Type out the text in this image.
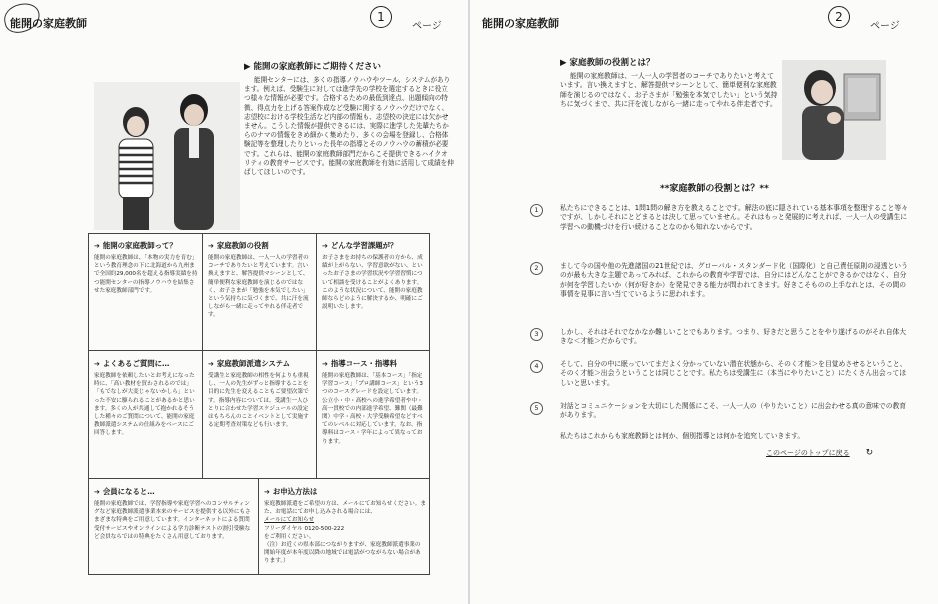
能開の家庭教師	1
ページ
▶ 能開の家庭教師にご期待ください
能開センターには、多くの指導ノウハウやツール、システムがあります。例えば、受験生に対しては進学先の学校を選定するときに役立つ様々な情報が必要です。合格するための最低到達点、出題傾向の特徴、得点力を上げる答案作成など受験に関するノウハウだけでなく、志望校における学校生活など内部の情報も、志望校の決定には欠かせません。こうした情報が提供できるには、実際に進学した先輩たちからのナマの情報をきめ細かく集めたり、多くの会場を登録し、合格体験記等を整理したりといった長年の指導とそのノウハウの蓄積が必要です。これらは、能開の家庭教師部門だからこそ提供できるハイクオリティの教育サービスです。能開の家庭教師を有効に活用して成績を伸ばしてほしいのです。
➔ 能開の家庭教師って？
能開の家庭教師は、「本物の実力を育む」という教育理念の下に北海道から九州まで全国約29,000名を超える指導実績を持つ能開センターの指導ノウハウを結集させた家庭教師部門です。
➔ 家庭教師の役割
能開の家庭教師は、一人一人の学習者のコーチでありたいと考えています。言い換えますと、解答提供マシーンとして、簡単便利な家庭教師を演じるのではなく、お子さまが「勉強を本気でしたい」という気持ちに気づくまで、共に汗を流しながら一緒に走ってやれる伴走者です。
➔ どんな学習課題が？
お子さまをお持ちの保護者の方から、成績が上がらない、学習意欲がない、といったお子さまの学習状況や学習習慣について相談を受けることがよくあります。このような状況について、能開の家庭教師ならどのように解決するか、明確にご説明いたします。
➔ よくあるご質問に…
家庭教師を依頼したいとお考えになった時に、「高い教材を買わされるのでは」「もでなしが大変じゃないかしら」といった不安に駆られることがあるかと思います。多くの人が共通して抱かれるそうした種々のご質問について、能開の家庭教師派遣システムの仕組みをベースにご回答します。
➔ 家庭教師派遣システム
受講生と家庭教師の相性を何よりも重視し、一人の先生がずっと指導することを目的に先生を変えることもご要望次第です。指導内容については、受講生一人ひとりに合わせた学習スケジュールの設定はもちろんのことイベントとして実施する定期考査対策なども行います。
➔ 指導コース・指導料
能開の家庭教師は、「基本コース」「指定学習コース」「プロ講師コース」という3つのコースグレードを設定しています。公立小・中・高校への進学希望者や中・高一貫校での内部進学希望、難関（最難関）中学・高校・大学受験希望などすべてのレベルに対応しています。なお、指導料はコース・学年によって異なっております。
➔ 会員になると…
能開の家庭教師では、学習指導や家庭学習へのコンサルティングなど家庭教師派遣事業本来のサービスを提供する以外にもさまざまな特典をご用意しています。インターネットによる質問受付サービスやオンラインによる学力診断テストの割引受験など会員ならではの特典をたくさん用意しております。
➔ お申込方法は
家庭教師派遣をご希望の方は、メールにてお知らせください。また、お電話にてお申し込みされる場合には、
メールにてお知らせ
フリーダイヤル 0120-500-222
をご利用ください。
（注）お近くの県本部につながりますが、家庭教師派遣事業の開始年度が本年度以降の地域では電話がつながらない場合があります。）
能開の家庭教師	2
ページ
▶ 家庭教師の役割とは？
能開の家庭教師は、一人一人の学習者のコーチでありたいと考えています。言い換えますと、解答提供マシーンとして、簡単便利な家庭教師を演じるのではなく、お子さまが「勉強を本気でしたい」という気持ちに気づくまで、共に汗を流しながら一緒に走ってやれる伴走者です。
**家庭教師の役割とは？**
1	私たちにできることは、1問1問の解き方を教えることです。解法の底に隠されている基本事項を整理すること等々ですが、しかしそれにとどまるとは決して思っていません。それはもっと発展的に考えれば、一人一人の受講生に学習への動機づけを行い続けることなのかも知れないからです。
2	まして今の国や他の先進諸国の21世紀では、グローバル・スタンダード化（国際化）と自己責任原則の浸透というのが最も大きな主題であってみれば、これからの教育や学習では、自分にはどんなことができるかではなく、自分が何を学習したいか（何が好きか）を発見できる能力が問われてきます。好きこそものの上手なれとは、その間の事情を見事に言い当てているように思われます。
3	しかし、それはそれでなかなか難しいことでもあります。つまり、好きだと思うことをやり遂げるのがそれ自体大きな＜才能＞だからです。
4	そして、自分の中に眠っていてまだよく分かっていない潜在状態から、そのく才能＞を目覚めさせるということ、そのく才能＞出会うということは同じことです。私たちは受講生に（本当にやりたいこと）にたくさん出会ってほしいと思います。
5	対話とコミュニケーションを大切にした関係にこそ、一人一人の（やりたいこと）に出会わせる真の意味での教育があります。
私たちはこれからも家庭教師とは何か、個別指導とは何かを追究していきます。
このページのトップに戻る ↻
